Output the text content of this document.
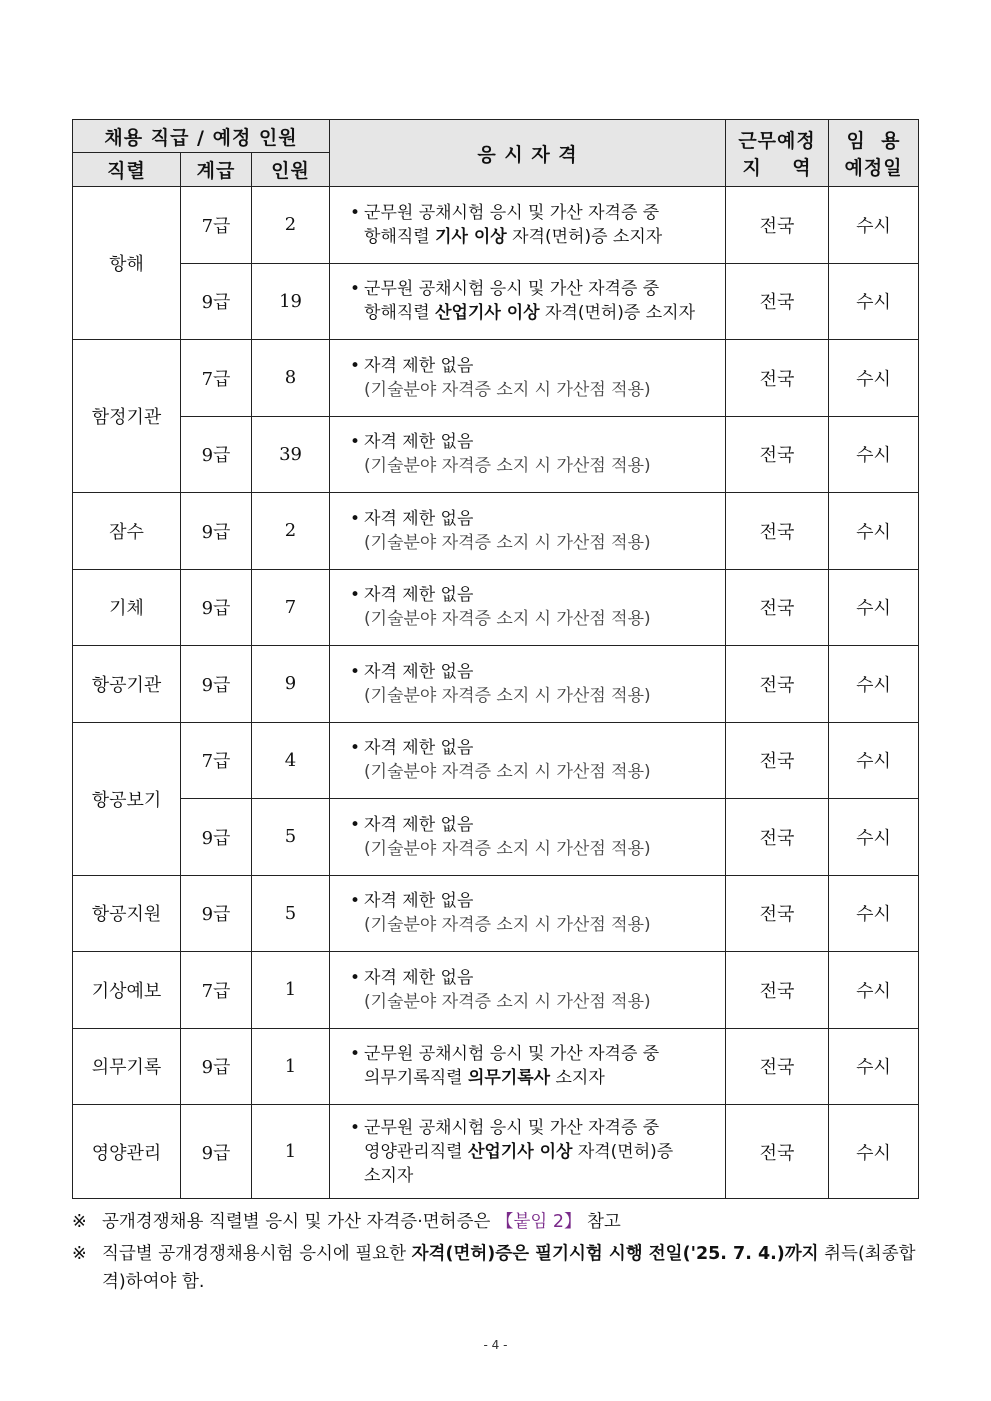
채용 직급 / 예정 인원			응 시 자 격	근무예정
지    역	임  용
예정일
직렬	계급	인원			
항해	7급	2	• 군무원 공채시험 응시 및 가산 자격증 중
항해직렬 기사 이상 자격(면허)증 소지자	전국	수시
	9급	19	• 군무원 공채시험 응시 및 가산 자격증 중
항해직렬 산업기사 이상 자격(면허)증 소지자	전국	수시
함정기관	7급	8	• 자격 제한 없음
(기술분야 자격증 소지 시 가산점 적용)	전국	수시
	9급	39	• 자격 제한 없음
(기술분야 자격증 소지 시 가산점 적용)	전국	수시
잠수	9급	2	• 자격 제한 없음
(기술분야 자격증 소지 시 가산점 적용)	전국	수시
기체	9급	7	• 자격 제한 없음
(기술분야 자격증 소지 시 가산점 적용)	전국	수시
항공기관	9급	9	• 자격 제한 없음
(기술분야 자격증 소지 시 가산점 적용)	전국	수시
항공보기	7급	4	• 자격 제한 없음
(기술분야 자격증 소지 시 가산점 적용)	전국	수시
	9급	5	• 자격 제한 없음
(기술분야 자격증 소지 시 가산점 적용)	전국	수시
항공지원	9급	5	• 자격 제한 없음
(기술분야 자격증 소지 시 가산점 적용)	전국	수시
기상예보	7급	1	• 자격 제한 없음
(기술분야 자격증 소지 시 가산점 적용)	전국	수시
의무기록	9급	1	• 군무원 공채시험 응시 및 가산 자격증 중
의무기록직렬 의무기록사 소지자	전국	수시
영양관리	9급	1	• 군무원 공채시험 응시 및 가산 자격증 중
영양관리직렬 산업기사 이상 자격(면허)증
소지자	전국	수시
※ 공개경쟁채용 직렬별 응시 및 가산 자격증·면허증은 【붙임 2】 참고
※ 직급별 공개경쟁채용시험 응시에 필요한 자격(면허)증은 필기시험 시행 전일('25. 7. 4.)까지 취득(최종합격)하여야 함.
- 4 -
